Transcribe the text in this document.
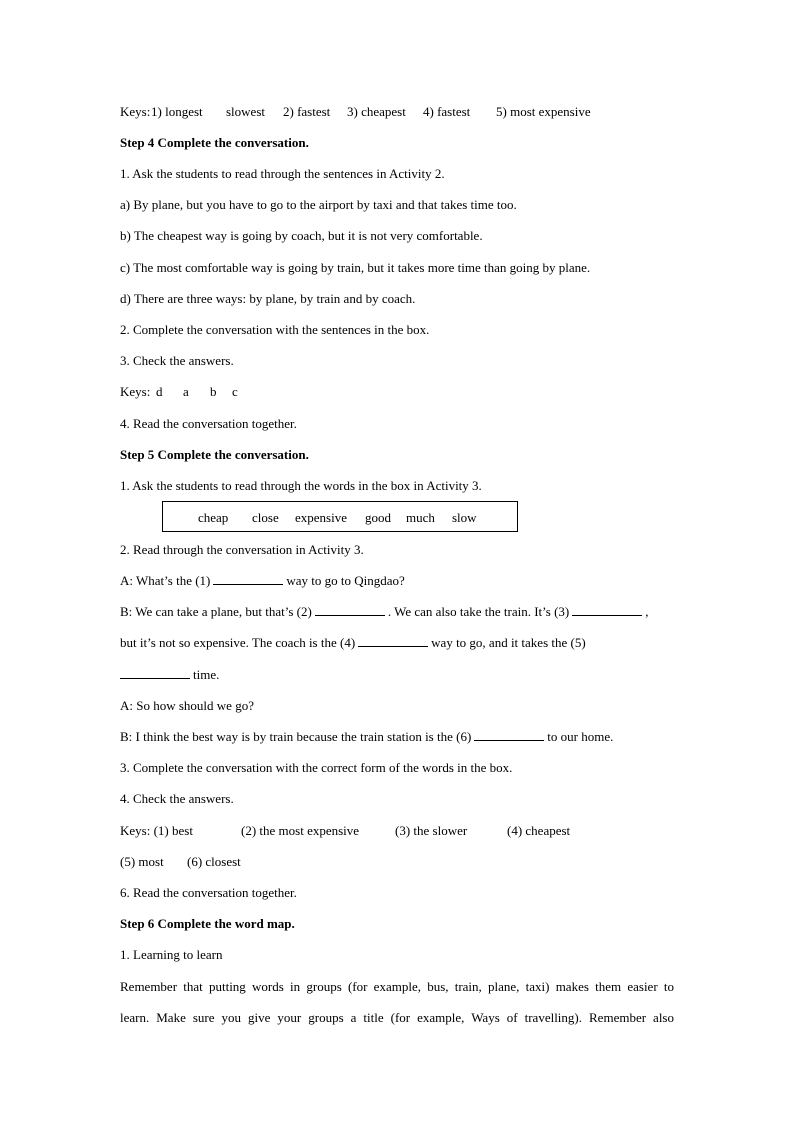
Keys: 1) longest slowest 2) fastest 3) cheapest 4) fastest 5) most expensive
Step 4 Complete the conversation.
1. Ask the students to read through the sentences in Activity 2.
a) By plane, but you have to go to the airport by taxi and that takes time too.
b) The cheapest way is going by coach, but it is not very comfortable.
c) The most comfortable way is going by train, but it takes more time than going by plane.
d) There are three ways: by plane, by train and by coach.
2. Complete the conversation with the sentences in the box.
3. Check the answers.
Keys: d a b c
4. Read the conversation together.
Step 5 Complete the conversation.
1. Ask the students to read through the words in the box in Activity 3.
cheap close expensive good much slow
2. Read through the conversation in Activity 3.
A: What’s the (1)	way to go to Qingdao?
B: We can take a plane, but that’s (2)	. We can also take the train. It’s (3)	,
but it’s not so expensive. The coach is the (4)	way to go, and it takes the (5)
time.
A: So how should we go?
B: I think the best way is by train because the train station is the (6)	to our home.
3. Complete the conversation with the correct form of the words in the box.
4. Check the answers.
Keys: (1) best	(2) the most expensive	(3) the slower	(4) cheapest
(5) most (6) closest
6. Read the conversation together.
Step 6 Complete the word map.
1. Learning to learn
Remember that putting words in groups (for example, bus, train, plane, taxi) makes them easier to
learn. Make sure you give your groups a title (for example, Ways of travelling). Remember also
